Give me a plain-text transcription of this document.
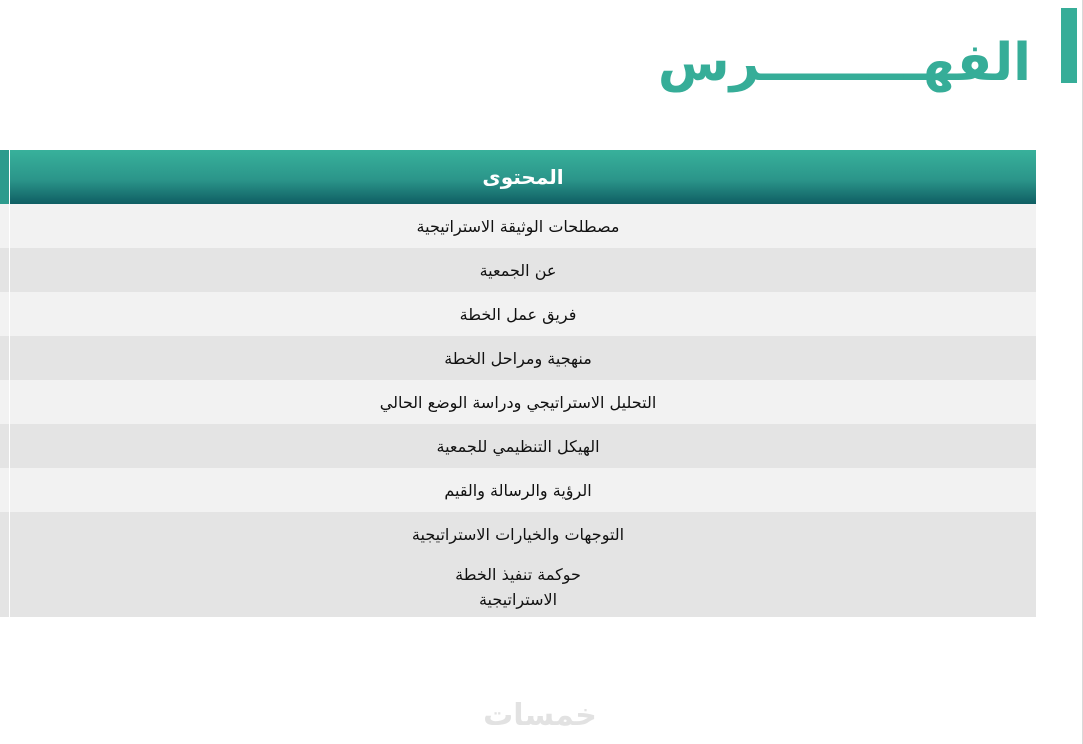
الفهـــــــــرس
المحتوى
مصطلحات الوثيقة الاستراتيجية
عن الجمعية
فريق عمل الخطة
منهجية ومراحل الخطة
التحليل الاستراتيجي ودراسة الوضع الحالي
الهيكل التنظيمي للجمعية
الرؤية والرسالة والقيم
التوجهات والخيارات الاستراتيجية
حوكمة تنفيذ الخطة
الاستراتيجية
خمسات
